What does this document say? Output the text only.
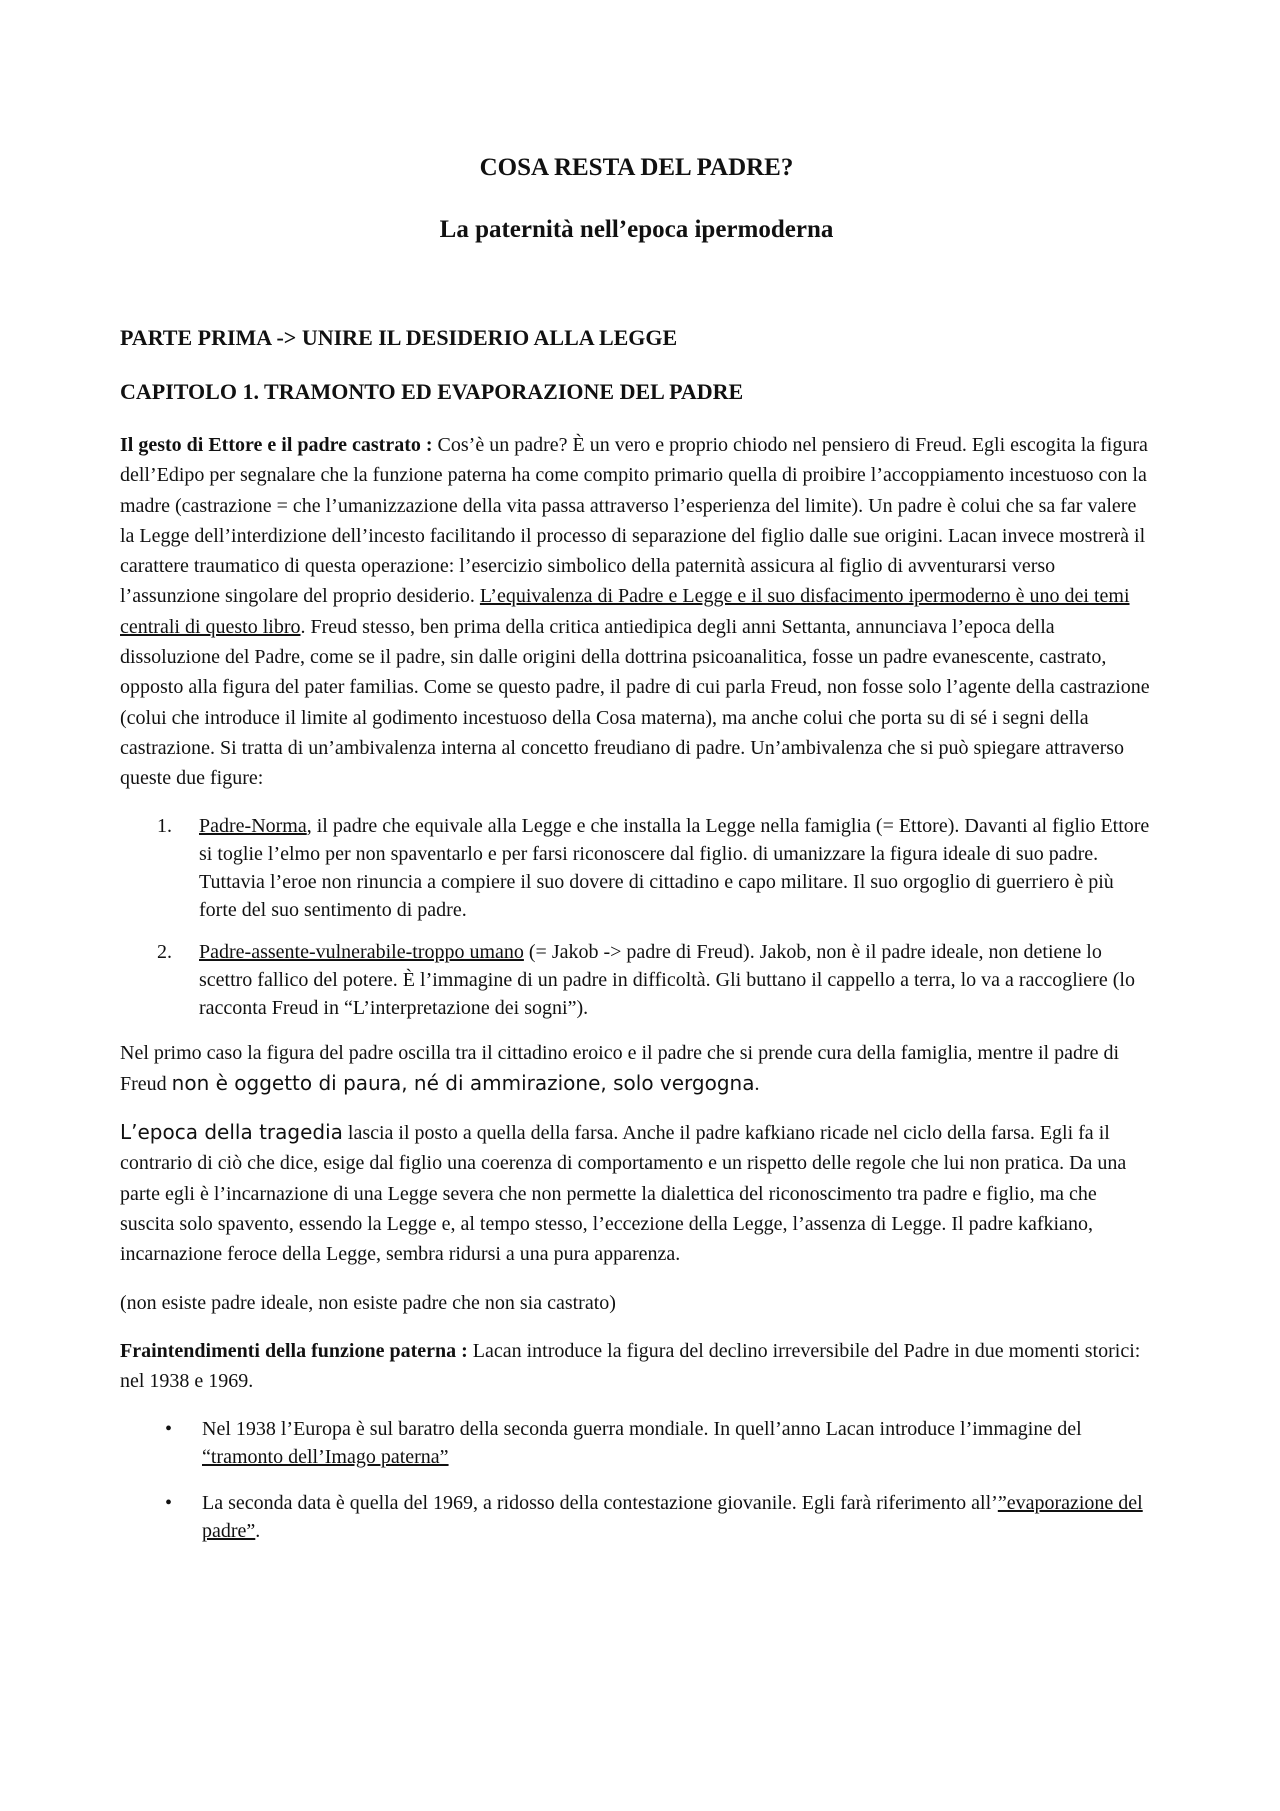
COSA RESTA DEL PADRE?
La paternità nell’epoca ipermoderna
PARTE PRIMA -> UNIRE IL DESIDERIO ALLA LEGGE
CAPITOLO 1. TRAMONTO ED EVAPORAZIONE DEL PADRE

Il gesto di Ettore e il padre castrato : Cos’è un padre? È un vero e proprio chiodo nel pensiero di Freud. Egli escogita la figura dell’Edipo per segnalare che la funzione paterna ha come compito primario quella di proibire l’accoppiamento incestuoso con la madre (castrazione = che l’umanizzazione della vita passa attraverso l’esperienza del limite). Un padre è colui che sa far valere la Legge dell’interdizione dell’incesto facilitando il processo di separazione del figlio dalle sue origini. Lacan invece mostrerà il carattere traumatico di questa operazione: l’esercizio simbolico della paternità assicura al figlio di avventurarsi verso l’assunzione singolare del proprio desiderio. L’equivalenza di Padre e Legge e il suo disfacimento ipermoderno è uno dei temi centrali di questo libro. Freud stesso, ben prima della critica antiedipica degli anni Settanta, annunciava l’epoca della dissoluzione del Padre, come se il padre, sin dalle origini della dottrina psicoanalitica, fosse un padre evanescente, castrato, opposto alla figura del pater familias. Come se questo padre, il padre di cui parla Freud, non fosse solo l’agente della castrazione (colui che introduce il limite al godimento incestuoso della Cosa materna), ma anche colui che porta su di sé i segni della castrazione. Si tratta di un’ambivalenza interna al concetto freudiano di padre. Un’ambivalenza che si può spiegare attraverso queste due figure:

1. Padre-Norma, il padre che equivale alla Legge e che installa la Legge nella famiglia (= Ettore). Davanti al figlio Ettore si toglie l’elmo per non spaventarlo e per farsi riconoscere dal figlio. di umanizzare la figura ideale di suo padre. Tuttavia l’eroe non rinuncia a compiere il suo dovere di cittadino e capo militare. Il suo orgoglio di guerriero è più forte del suo sentimento di padre.
2. Padre-assente-vulnerabile-troppo umano (= Jakob -> padre di Freud). Jakob, non è il padre ideale, non detiene lo scettro fallico del potere. È l’immagine di un padre in difficoltà. Gli buttano il cappello a terra, lo va a raccogliere (lo racconta Freud in “L’interpretazione dei sogni”).

Nel primo caso la figura del padre oscilla tra il cittadino eroico e il padre che si prende cura della famiglia, mentre il padre di Freud non è oggetto di paura, né di ammirazione, solo vergogna.

L’epoca della tragedia lascia il posto a quella della farsa. Anche il padre kafkiano ricade nel ciclo della farsa. Egli fa il contrario di ciò che dice, esige dal figlio una coerenza di comportamento e un rispetto delle regole che lui non pratica. Da una parte egli è l’incarnazione di una Legge severa che non permette la dialettica del riconoscimento tra padre e figlio, ma che suscita solo spavento, essendo la Legge e, al tempo stesso, l’eccezione della Legge, l’assenza di Legge. Il padre kafkiano, incarnazione feroce della Legge, sembra ridursi a una pura apparenza.

(non esiste padre ideale, non esiste padre che non sia castrato)

Fraintendimenti della funzione paterna : Lacan introduce la figura del declino irreversibile del Padre in due momenti storici: nel 1938 e 1969.

• Nel 1938 l’Europa è sul baratro della seconda guerra mondiale. In quell’anno Lacan introduce l’immagine del “tramonto dell’Imago paterna”
• La seconda data è quella del 1969, a ridosso della contestazione giovanile. Egli farà riferimento all’”evaporazione del padre”.
